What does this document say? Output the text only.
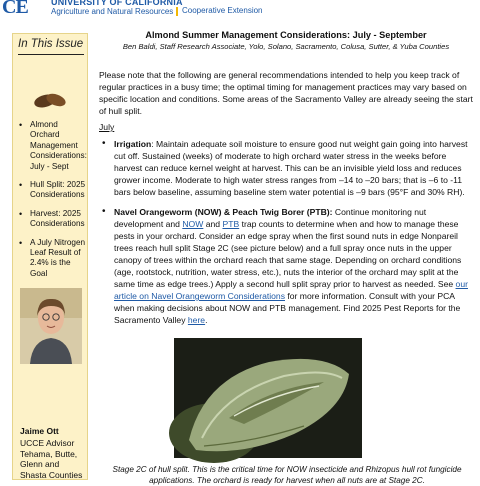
CE	UNIVERSITY OF CALIFORNIA
Agriculture and Natural Resources Cooperative Extension
In This Issue
• Almond Orchard Management Considerations: July - Sept
• Hull Split: 2025 Considerations
• Harvest: 2025 Considerations
• A July Nitrogen Leaf Result of 2.4% is the Goal
Jaime Ott
UCCE Advisor Tehama, Butte, Glenn and Shasta Counties
Almond Summer Management Considerations: July - September
Ben Baldi, Staff Research Associate, Yolo, Solano, Sacramento, Colusa, Sutter, & Yuba Counties

Please note that the following are general recommendations intended to help you keep track of regular practices in a busy time; the optimal timing for management practices may vary based on specific location and conditions. Some areas of the Sacramento Valley are already seeing the start of hull split.

July
• Irrigation: Maintain adequate soil moisture to ensure good nut weight gain going into harvest cut off. Sustained (weeks) of moderate to high orchard water stress in the weeks before harvest can reduce kernel weight at harvest. This can be an invisible yield loss and reduces grower income. Moderate to high water stress ranges from –14 to –20 bars; that is –6 to -11 bars below baseline, assuming baseline stem water potential is –9 bars (95°F and 30% RH).
• Navel Orangeworm (NOW) & Peach Twig Borer (PTB): Continue monitoring nut development and NOW and PTB trap counts to determine when and how to manage these pests in your orchard. Consider an edge spray when the first sound nuts in edge Nonpareil trees reach hull split Stage 2C (see picture below) and a full spray once nuts in the upper canopy of trees within the orchard reach that same stage. Depending on orchard conditions (age, rootstock, nutrition, water stress, etc.), nuts the interior of the orchard may split at the same time as edge trees.) Apply a second hull split spray prior to harvest as needed. See our article on Navel Orangeworm Considerations for more information. Consult with your PCA when making decisions about NOW and PTB management. Find 2025 Pest Reports for the Sacramento Valley here.

Stage 2C of hull split. This is the critical time for NOW insecticide and Rhizopus hull rot fungicide applications. The orchard is ready for harvest when all nuts are at Stage 2C.
